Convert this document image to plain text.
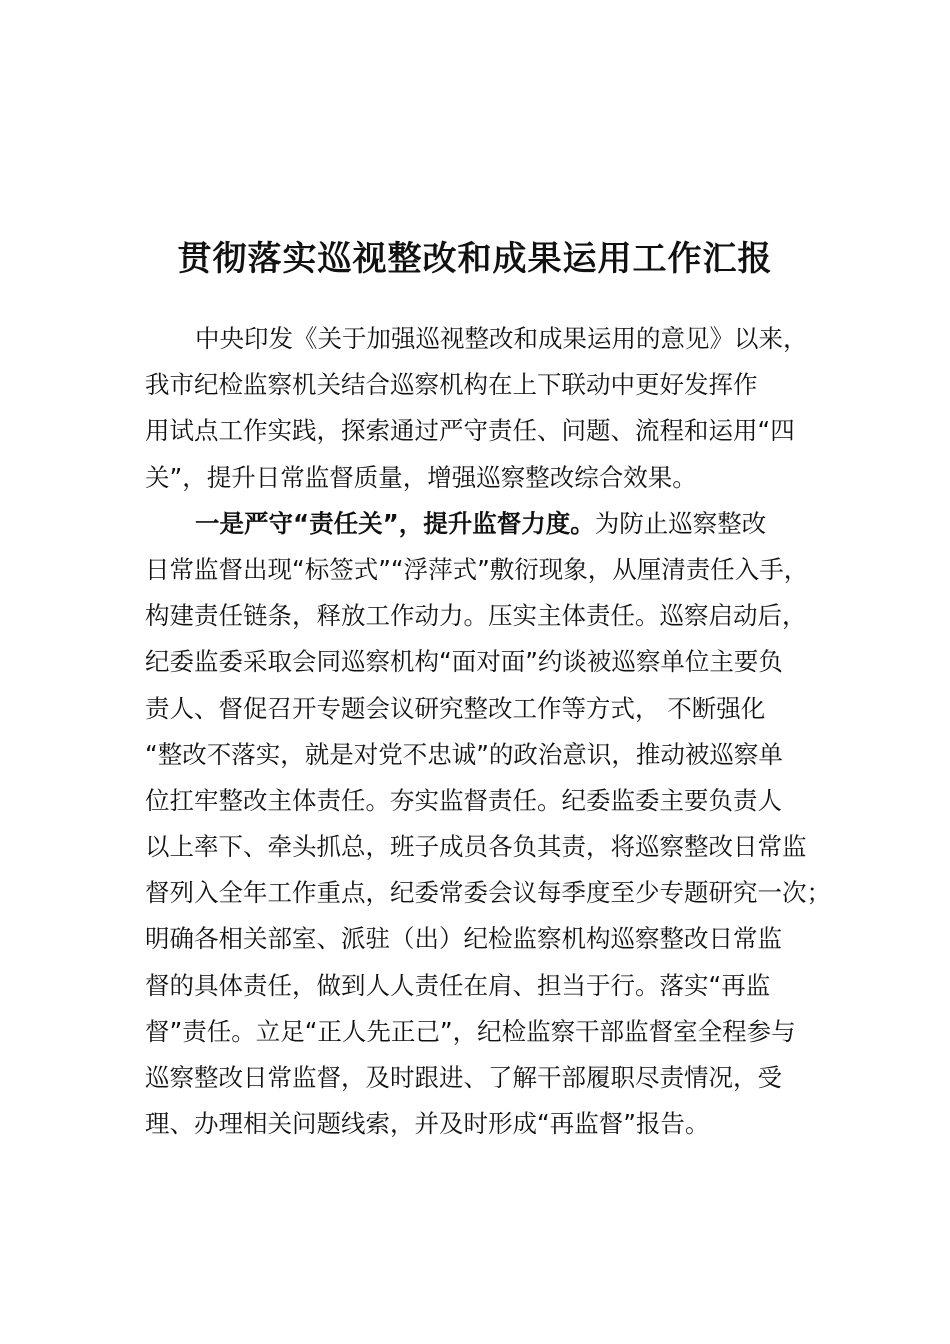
贯彻落实巡视整改和成果运用工作汇报
中央印发《关于加强巡视整改和成果运用的意见》以来，
我市纪检监察机关结合巡察机构在上下联动中更好发挥作
用试点工作实践，探索通过严守责任、问题、流程和运用“四
关”，提升日常监督质量，增强巡察整改综合效果。
一是严守“责任关”，提升监督力度。为防止巡察整改
日常监督出现“标签式”“浮萍式”敷衍现象，从厘清责任入手，
构建责任链条，释放工作动力。压实主体责任。巡察启动后，
纪委监委采取会同巡察机构“面对面”约谈被巡察单位主要负
责人、督促召开专题会议研究整改工作等方式， 不断强化
“整改不落实，就是对党不忠诚”的政治意识，推动被巡察单
位扛牢整改主体责任。夯实监督责任。纪委监委主要负责人
以上率下、牵头抓总，班子成员各负其责，将巡察整改日常监
督列入全年工作重点，纪委常委会议每季度至少专题研究一次；
明确各相关部室、派驻（出）纪检监察机构巡察整改日常监
督的具体责任，做到人人责任在肩、担当于行。落实“再监
督”责任。立足“正人先正己”，纪检监察干部监督室全程参与
巡察整改日常监督，及时跟进、了解干部履职尽责情况，受
理、办理相关问题线索，并及时形成“再监督”报告。
